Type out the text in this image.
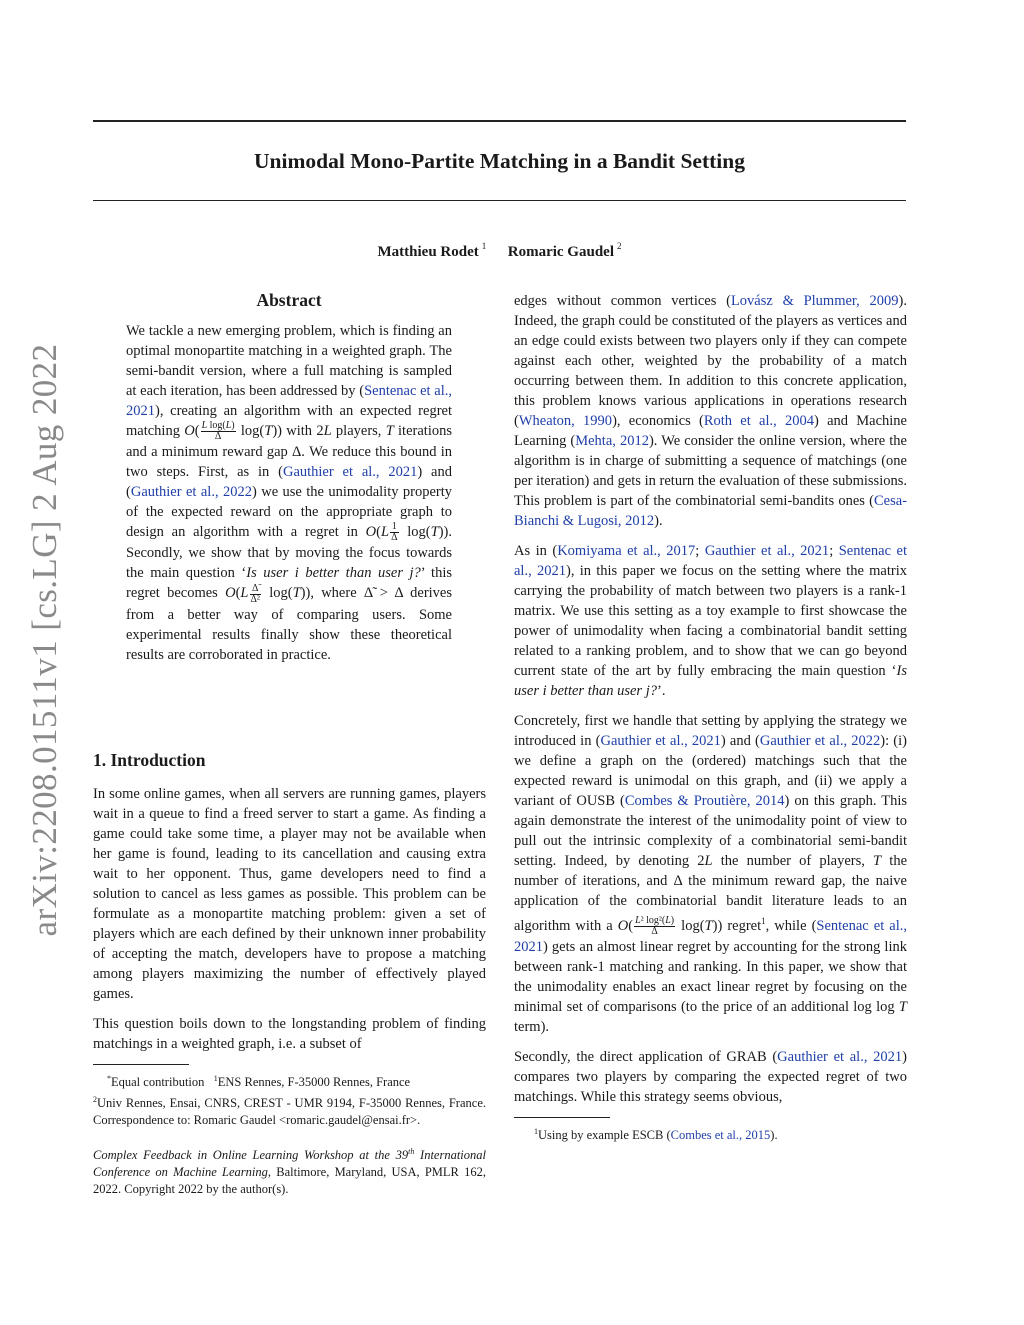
Unimodal Mono-Partite Matching in a Bandit Setting
Matthieu Rodet $^1$ Romaric Gaudel $^2$
arXiv:2208.01511v1 [cs.LG] 2 Aug 2022
Abstract

We tackle a new emerging problem, which is finding an optimal monopartite matching in a weighted graph. The semi-bandit version, where a full matching is sampled at each iteration, has been addressed by (Sentenac et al., 2021), creating an algorithm with an expected regret matching $O( \frac{\text{L log(L)}}{\Delta} \log(T))$ with 2L players, T iterations and a minimum reward gap Δ. We reduce this bound in two steps. First, as in (Gauthier et al., 2021) and (Gauthier et al., 2022) we use the unimodality property of the expected reward on the appropriate graph to design an algorithm with a regret in $O(L \frac{1}{\Delta} \log(T))$. Secondly, we show that by moving the focus towards the main question ‘Is user i better than user j?’ this regret becomes $O(L \frac{\Deltã}{\text{Δ²}} \log(T))$, where Δ̃ > Δ derives from a better way of comparing users. Some experimental results finally show these theoretical results are corroborated in practice.

1. Introduction

In some online games, when all servers are running games, players wait in a queue to find a freed server to start a game. As finding a game could take some time, a player may not be available when her game is found, leading to its cancellation and causing extra wait to her opponent. Thus, game developers need to find a solution to cancel as less games as possible. This problem can be formulate as a monopartite matching problem: given a set of players which are each defined by their unknown inner probability of accepting the match, developers have to propose a matching among players maximizing the number of effectively played games.

This question boils down to the longstanding problem of finding matchings in a weighted graph, i.e. a subset of

*Equal contribution $^1$ENS Rennes, F-35000 Rennes, France
$^2$Univ Rennes, Ensai, CNRS, CREST - UMR 9194, F-35000 Rennes, France. Correspondence to: Romaric Gaudel <romaric.gaudel@ensai.fr>.
Complex Feedback in Online Learning Workshop at the 39th International Conference on Machine Learning, Baltimore, Maryland, USA, PMLR 162, 2022. Copyright 2022 by the author(s).

edges without common vertices (Lovász & Plummer, 2009). Indeed, the graph could be constituted of the players as vertices and an edge could exists between two players only if they can compete against each other, weighted by the probability of a match occurring between them. In addition to this concrete application, this problem knows various applications in operations research (Wheaton, 1990), economics (Roth et al., 2004) and Machine Learning (Mehta, 2012). We consider the online version, where the algorithm is in charge of submitting a sequence of matchings (one per iteration) and gets in return the evaluation of these submissions. This problem is part of the combinatorial semi-bandits ones (Cesa-Bianchi & Lugosi, 2012).

As in (Komiyama et al., 2017; Gauthier et al., 2021; Sentenac et al., 2021), in this paper we focus on the setting where the matrix carrying the probability of match between two players is a rank-1 matrix. We use this setting as a toy example to first showcase the power of unimodality when facing a combinatorial bandit setting related to a ranking problem, and to show that we can go beyond current state of the art by fully embracing the main question ‘Is user i better than user j?’.

Concretely, first we handle that setting by applying the strategy we introduced in (Gauthier et al., 2021) and (Gauthier et al., 2022): (i) we define a graph on the (ordered) matchings such that the expected reward is unimodal on this graph, and (ii) we apply a variant of OUSB (Combes & Proutière, 2014) on this graph. This again demonstrate the interest of the unimodality point of view to pull out the intrinsic complexity of a combinatorial semi-bandit setting. Indeed, by denoting 2L the number of players, T the number of iterations, and Δ the minimum reward gap, the naive application of the combinatorial bandit literature leads to an algorithm with a $O( \frac{\text{L² log²(L)}}{\Delta} \log(T))$ regret$^1$, while (Sentenac et al., 2021) gets an almost linear regret by accounting for the strong link between rank-1 matching and ranking. In this paper, we show that the unimodality enables an exact linear regret by focusing on the minimal set of comparisons (to the price of an additional log log T term).

Secondly, the direct application of GRAB (Gauthier et al., 2021) compares two players by comparing the expected regret of two matchings. While this strategy seems obvious,

$^1$Using by example ESCB (Combes et al., 2015).
